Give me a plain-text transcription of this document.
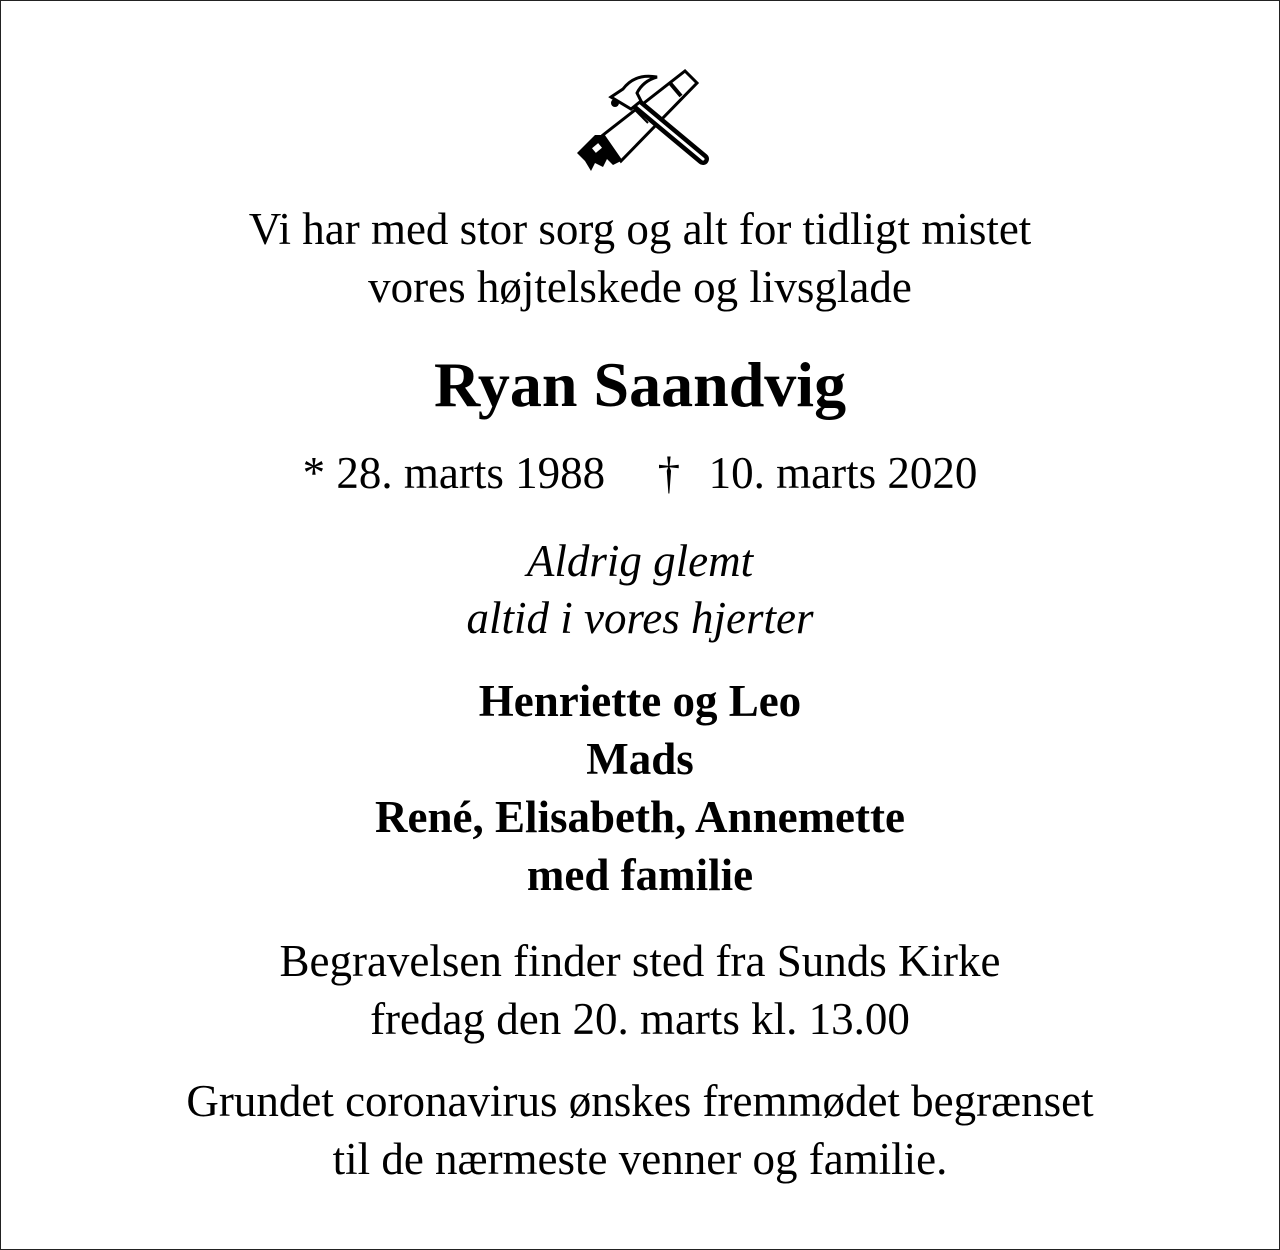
Vi har med stor sorg og alt for tidligt mistet
vores højtelskede og livsglade
Ryan Saandvig
* 28. marts 1988 † 10. marts 2020
Aldrig glemt
altid i vores hjerter
Henriette og Leo
Mads
René, Elisabeth, Annemette
med familie
Begravelsen finder sted fra Sunds Kirke
fredag den 20. marts kl. 13.00
Grundet coronavirus ønskes fremmødet begrænset
til de nærmeste venner og familie.
